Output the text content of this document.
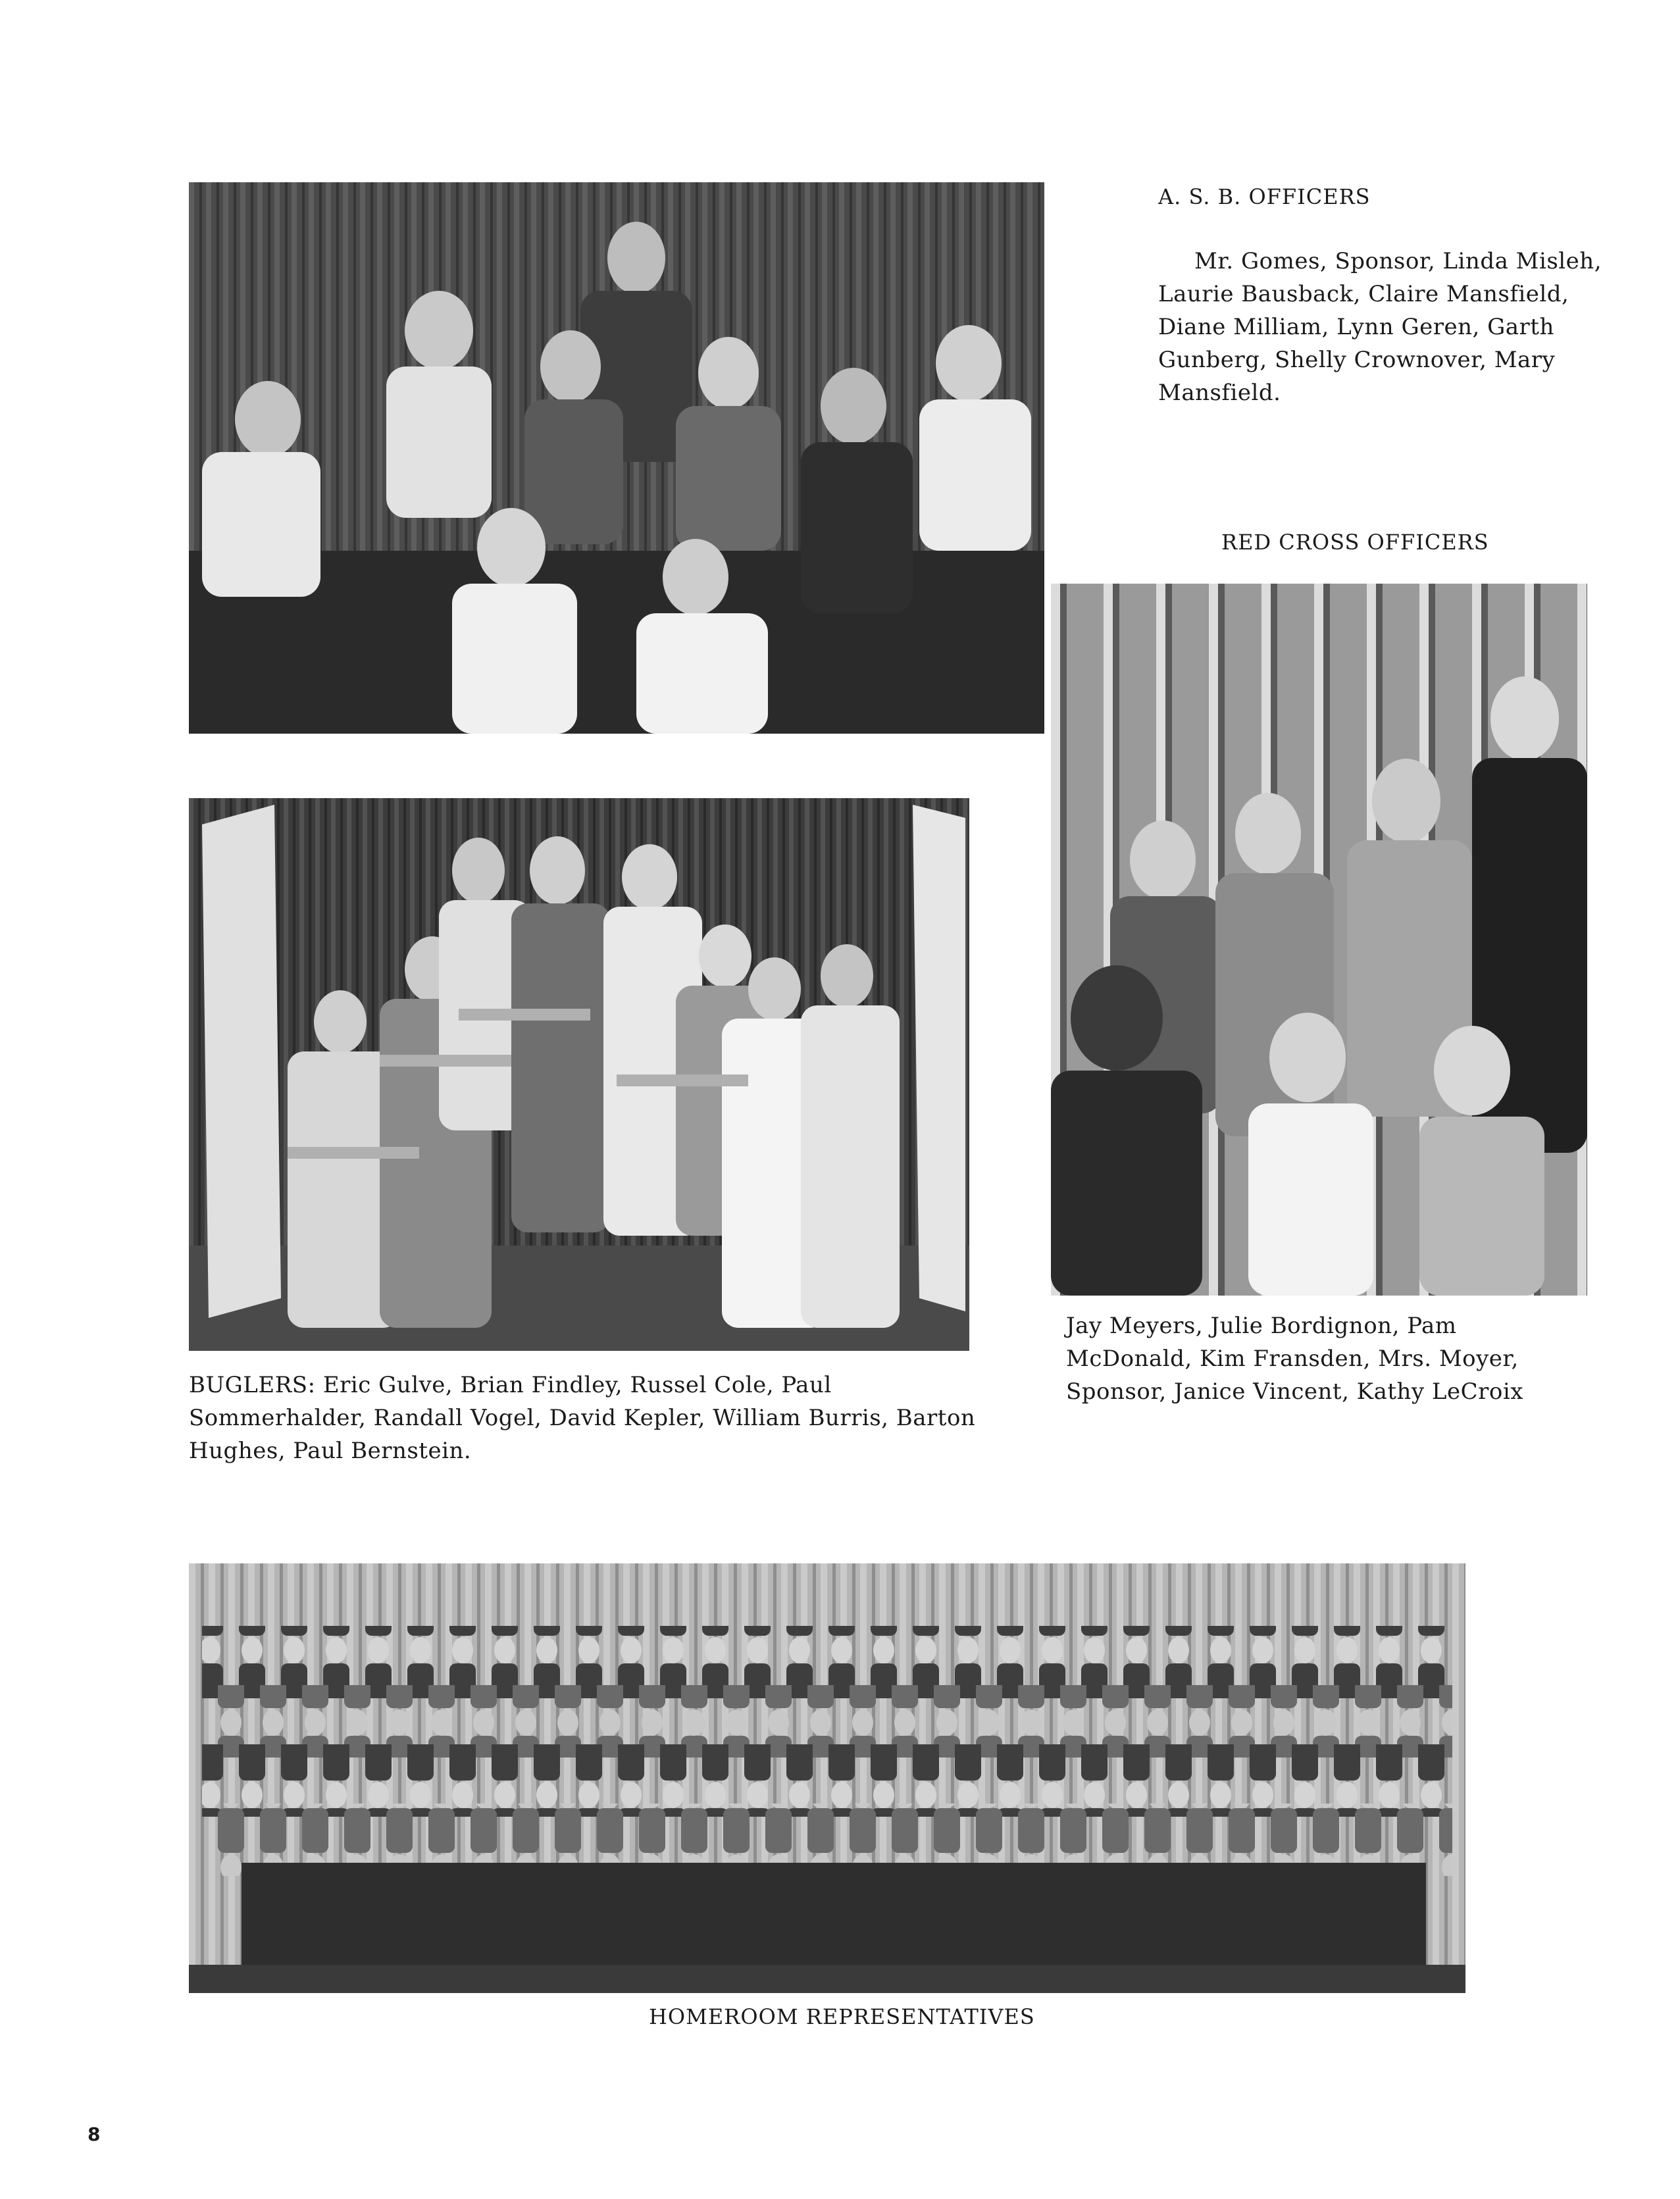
A. S. B. OFFICERS
Mr. Gomes, Sponsor, Linda Misleh, Laurie Bausback, Claire Mansfield, Diane Milliam, Lynn Geren, Garth Gunberg, Shelly Crownover, Mary Mansfield.
RED CROSS OFFICERS
Jay Meyers, Julie Bordignon, Pam McDonald, Kim Fransden, Mrs. Moyer, Sponsor, Janice Vincent, Kathy LeCroix
BUGLERS: Eric Gulve, Brian Findley, Russel Cole, Paul Sommerhalder, Randall Vogel, David Kepler, William Burris, Barton Hughes, Paul Bernstein.
HOMEROOM REPRESENTATIVES
8
